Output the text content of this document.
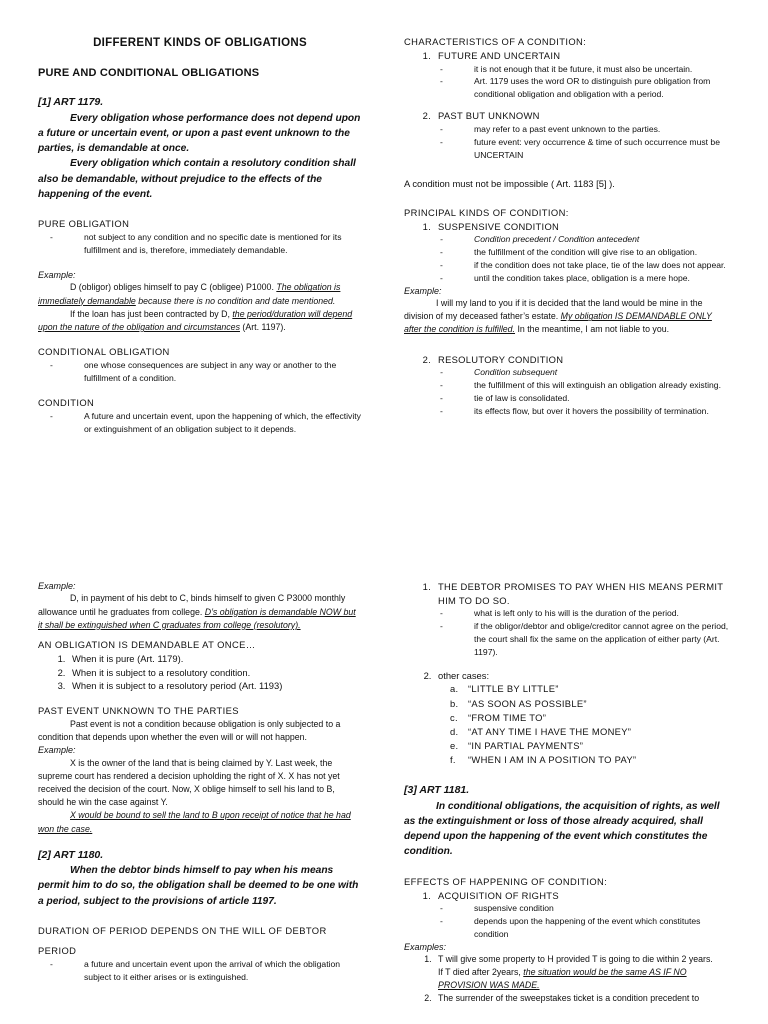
DIFFERENT KINDS OF OBLIGATIONS
PURE AND CONDITIONAL OBLIGATIONS
[1] ART 1179.

Every obligation whose performance does not depend upon a future or uncertain event, or upon a past event unknown to the parties, is demandable at once.

Every obligation which contain a resolutory condition shall also be demandable, without prejudice to the effects of the happening of the event.

PURE OBLIGATION
- not subject to any condition and no specific date is mentioned for its fulfillment and is, therefore, immediately demandable.
Example:

D (obligor) obliges himself to pay C (obligee) P1000. The obligation is immediately demandable because there is no condition and date mentioned.

If the loan has just been contracted by D, the period/duration will depend upon the nature of the obligation and circumstances (Art. 1197).

CONDITIONAL OBLIGATION
- one whose consequences are subject in any way or another to the fulfillment of a condition.
CONDITION
- A future and uncertain event, upon the happening of which, the effectivity or extinguishment of an obligation subject to it depends.
CHARACTERISTICS OF A CONDITION:
1. FUTURE AND UNCERTAIN
- it is not enough that it be future, it must also be uncertain.
- Art. 1179 uses the word OR to distinguish pure obligation from conditional obligation and obligation with a period.
2. PAST BUT UNKNOWN
- may refer to a past event unknown to the parties.
- future event: very occurrence & time of such occurrence must be UNCERTAIN

A condition must not be impossible ( Art. 1183 [5] ).

PRINCIPAL KINDS OF CONDITION:
1. SUSPENSIVE CONDITION
- Condition precedent / Condition antecedent
- the fulfillment of the condition will give rise to an obligation.
- if the condition does not take place, tie of the law does not appear.
- until the condition takes place, obligation is a mere hope.
Example:

I will my land to you if it is decided that the land would be mine in the division of my deceased father’s estate. My obligation IS DEMANDABLE ONLY after the condition is fulfilled. In the meantime, I am not liable to you.

2. RESOLUTORY CONDITION
- Condition subsequent
- the fulfillment of this will extinguish an obligation already existing.
- tie of law is consolidated.
- its effects flow, but over it hovers the possibility of termination.
Example:

D, in payment of his debt to C, binds himself to given C P3000 monthly allowance until he graduates from college. D’s obligation is demandable NOW but it shall be extinguished when C graduates from college (resolutory).

AN OBLIGATION IS DEMANDABLE AT ONCE…
1. When it is pure (Art. 1179).
2. When it is subject to a resolutory condition.
3. When it is subject to a resolutory period (Art. 1193)
PAST EVENT UNKNOWN TO THE PARTIES

Past event is not a condition because obligation is only subjected to a condition that depends upon whether the even will or will not happen.

Example:

X is the owner of the land that is being claimed by Y. Last week, the supreme court has rendered a decision upholding the right of X. X has not yet received the decision of the court. Now, X oblige himself to sell his land to B, should he win the case against Y.

X would be bound to sell the land to B upon receipt of notice that he had won the case.

[2] ART 1180.

When the debtor binds himself to pay when his means permit him to do so, the obligation shall be deemed to be one with a period, subject to the provisions of article 1197.

DURATION OF PERIOD DEPENDS ON THE WILL OF DEBTOR
PERIOD
- a future and uncertain event upon the arrival of which the obligation subject to it either arises or is extinguished.
1. THE DEBTOR PROMISES TO PAY WHEN HIS MEANS PERMIT HIM TO DO SO.
- what is left only to his will is the duration of the period.
- if the obligor/debtor and oblige/creditor cannot agree on the period, the court shall fix the same on the application of either party (Art. 1197).
2. other cases:
a. “LITTLE BY LITTLE”
b. “AS SOON AS POSSIBLE”
c. “FROM TIME TO”
d. “AT ANY TIME I HAVE THE MONEY”
e. “IN PARTIAL PAYMENTS”
f. “WHEN I AM IN A POSITION TO PAY”
[3] ART 1181.

In conditional obligations, the acquisition of rights, as well as the extinguishment or loss of those already acquired, shall depend upon the happening of the event which constitutes the condition.

EFFECTS OF HAPPENING OF CONDITION:
1. ACQUISITION OF RIGHTS
- suspensive condition
- depends upon the happening of the event which constitutes condition
Examples:
1. T will give some property to H provided T is going to die within 2 years.
If T died after 2years, the situation would be the same AS IF NO PROVISION WAS MADE.
2. The surrender of the sweepstakes ticket is a condition precedent to
